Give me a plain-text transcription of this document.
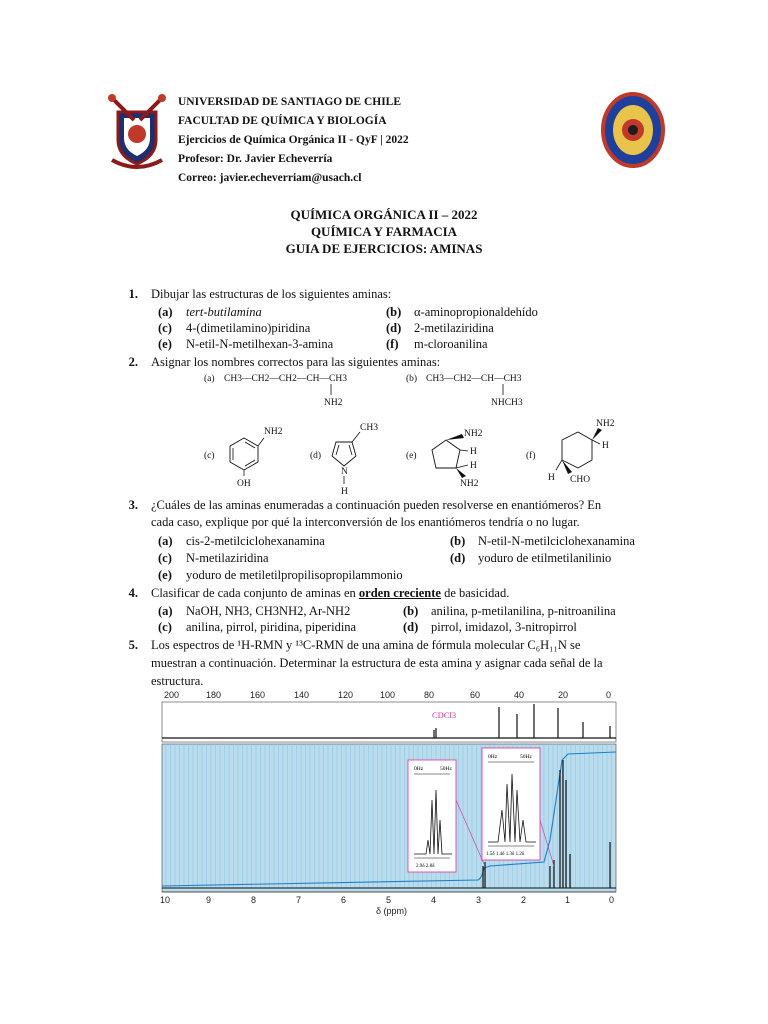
UNIVERSIDAD DE SANTIAGO DE CHILE
FACULTAD DE QUÍMICA Y BIOLOGÍA
Ejercicios de Química Orgánica II - QyF | 2022
Profesor: Dr. Javier Echeverría
Correo: javier.echeverriam@usach.cl
QUÍMICA ORGÁNICA II – 2022
QUÍMICA Y FARMACIA
GUIA DE EJERCICIOS: AMINAS
1. Dibujar las estructuras de los siguientes aminas:
(a) tert-butilamina	(b) α-aminopropionaldehído
(c) 4-(dimetilamino)piridina	(d) 2-metilaziridina
(e) N-etil-N-metilhexan-3-amina	(f) m-cloroanilina
2. Asignar los nombres correctos para las siguientes aminas:
(a) CH3—CH2—CH2—CH—CH3
NH2
(b) CH3—CH2—CH—CH3
NHCH3
(c)
NH2
OH
(d)
CH3
N
H
(e)
NH2
H
H
NH2
(f)
NH2
H
H CHO
3. ¿Cuáles de las aminas enumeradas a continuación pueden resolverse en enantiómeros? En
cada caso, explique por qué la interconversión de los enantiómeros tendría o no lugar.
(a) cis-2-metilciclohexanamina	(b) N-etil-N-metilciclohexanamina
(c) N-metilaziridina	(d) yoduro de etilmetilanilinio
(e) yoduro de metiletilpropilisopropilammonio
4. Clasificar de cada conjunto de aminas en orden creciente de basicidad.
(a) NaOH, NH3, CH3NH2, Ar-NH2	(b) anilina, p-metilanilina, p-nitroanilina
(c) anilina, pirrol, piridina, piperidina	(d) pirrol, imidazol, 3-nitropirrol
5. Los espectros de ¹H-RMN y ¹³C-RMN de una amina de fórmula molecular C₆H₁₁N se
muestran a continuación. Determinar la estructura de esta amina y asignar cada señal de la
estructura.
200	180	160	140	120	100	80	60	40	20	0
CDCl3
0Hz	50Hz
2.9δ 2.8δ
0Hz	50Hz
1.5δ 1.4δ 1.3δ 1.2δ
10	9	8	7	6	5	4	3	2	1	0
δ (ppm)
